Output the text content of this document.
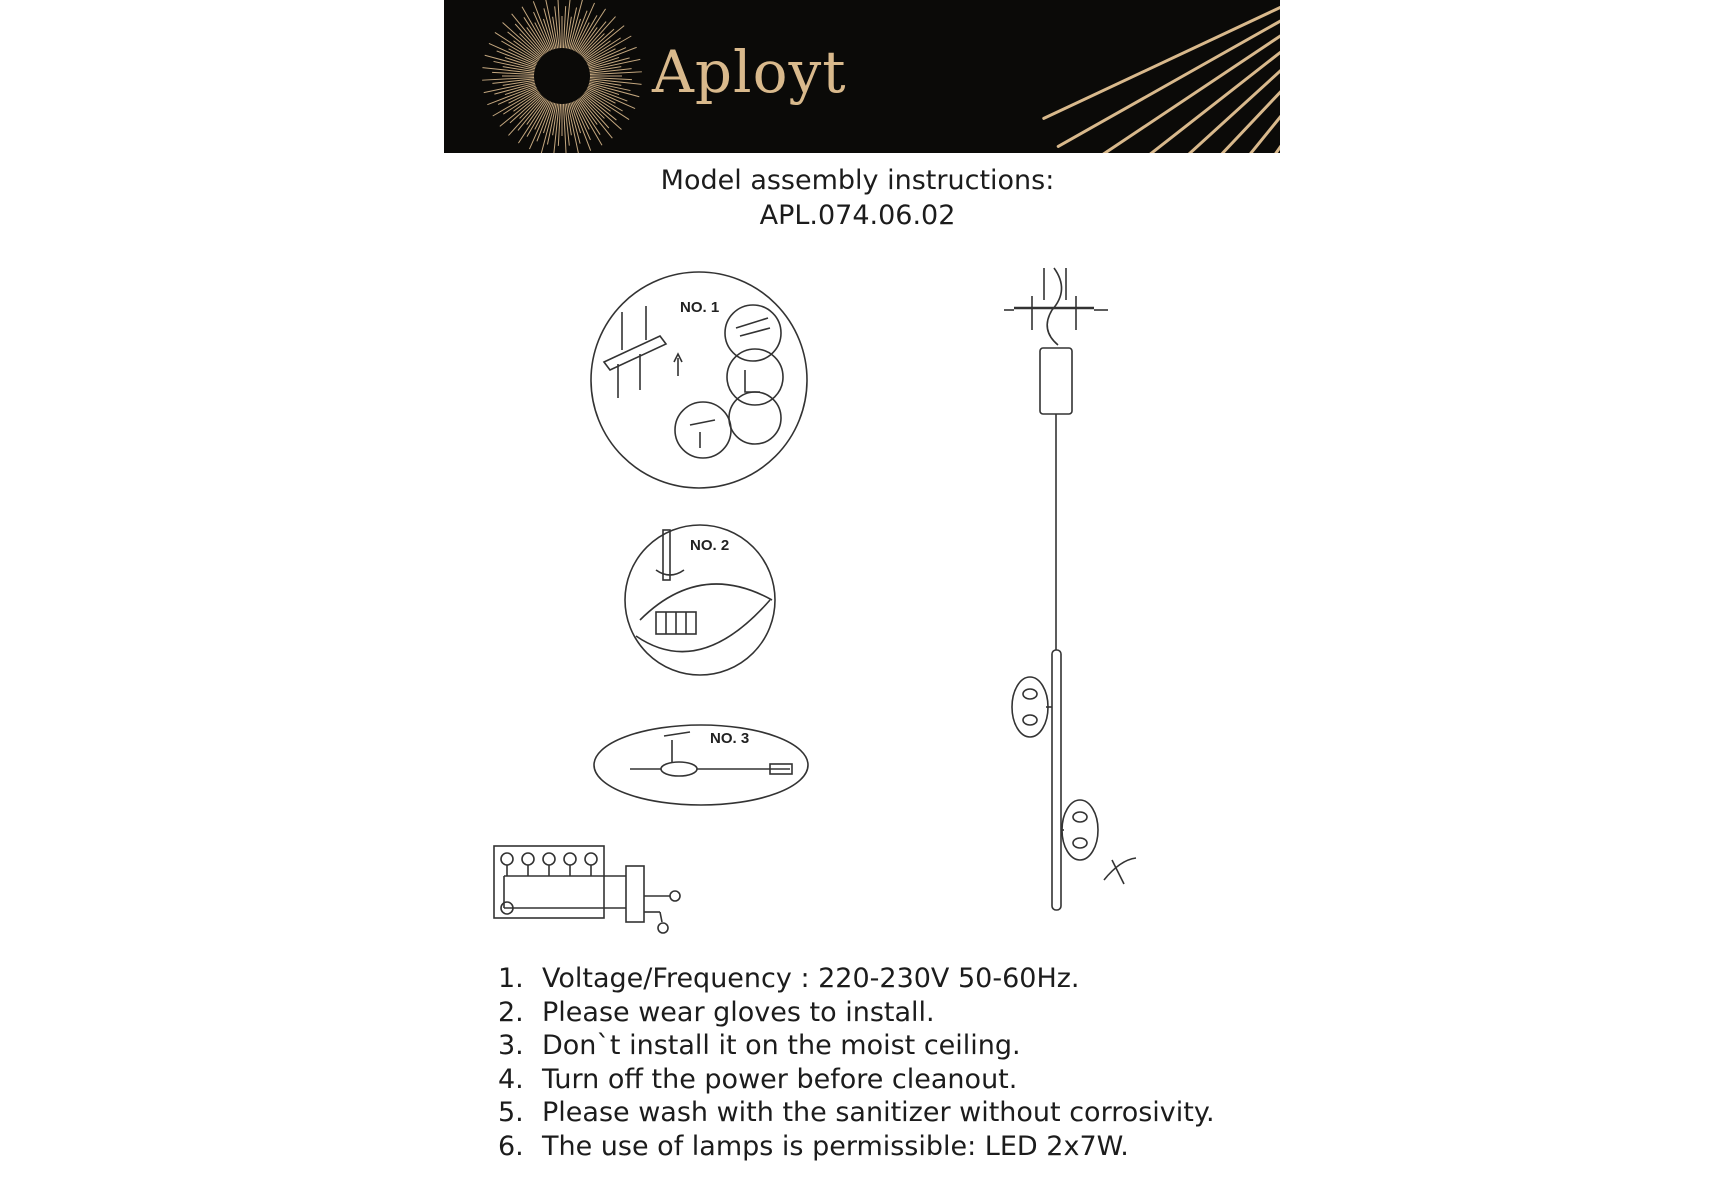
Aployt
Model assembly instructions:
APL.074.06.02
NO. 1
NO. 2
NO. 3
1. Voltage/Frequency : 220-230V 50-60Hz.
2. Please wear gloves to install.
3. Don`t install it on the moist ceiling.
4. Turn off the power before cleanout.
5. Please wash with the sanitizer without corrosivity.
6. The use of lamps is permissible: LED 2x7W.
